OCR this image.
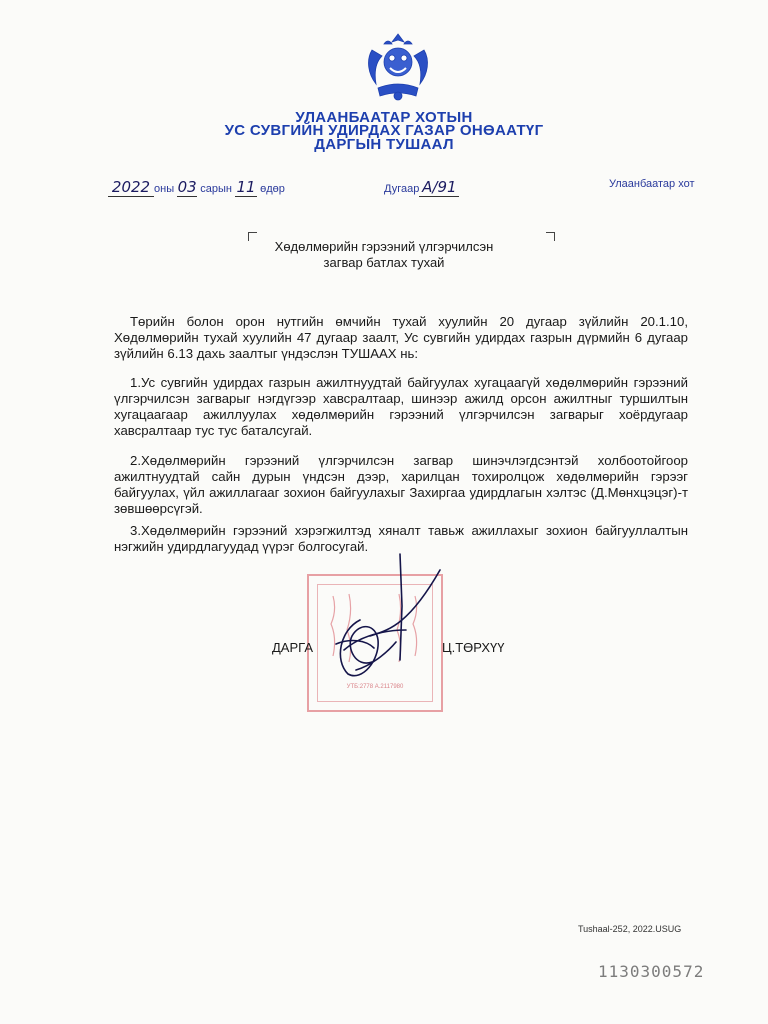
УЛААНБААТАР ХОТЫН
УС СУВГИЙН УДИРДАХ ГАЗАР ОНӨААТҮГ
ДАРГЫН ТУШААЛ
2022 оны 03 сарын 11 өдөр	Дугаар А/91	Улаанбаатар хот
Хөдөлмөрийн гэрээний үлгэрчилсэн
загвар батлах тухай

Төрийн болон орон нутгийн өмчийн тухай хуулийн 20 дугаар зүйлийн 20.1.10, Хөдөлмөрийн тухай хуулийн 47 дугаар заалт, Ус сувгийн удирдах газрын дүрмийн 6 дугаар зүйлийн 6.13 дахь заалтыг үндэслэн ТУШААХ нь:

1.Ус сувгийн удирдах газрын ажилтнуудтай байгуулах хугацаагүй хөдөлмөрийн гэрээний үлгэрчилсэн загварыг нэгдүгээр хавсралтаар, шинээр ажилд орсон ажилтныг туршилтын хугацаагаар ажиллуулах хөдөлмөрийн гэрээний үлгэрчилсэн загварыг хоёрдугаар хавсралтаар тус тус баталсугай.

2.Хөдөлмөрийн гэрээний үлгэрчилсэн загвар шинэчлэгдсэнтэй холбоотойгоор ажилтнуудтай сайн дурын үндсэн дээр, харилцан тохиролцож хөдөлмөрийн гэрээг байгуулах, үйл ажиллагааг зохион байгуулахыг Захиргаа удирдлагын хэлтэс (Д.Мөнхцэцэг)-т зөвшөөрсүгэй.

3.Хөдөлмөрийн гэрээний хэрэгжилтэд хяналт тавьж ажиллахыг зохион байгууллалтын нэгжийн удирдлагуудад үүрэг болгосугай.

УТБ:2778 А.2117980
ДАРГА	Ц.ТӨРХҮҮ
Tushaal-252, 2022.USUG
1130300572
